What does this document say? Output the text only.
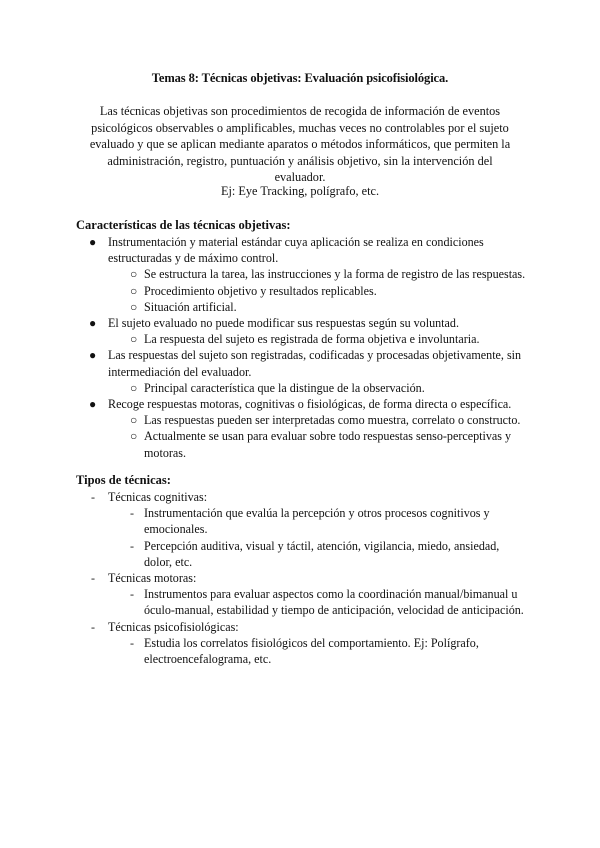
Temas 8: Técnicas objetivas: Evaluación psicofisiológica.
Las técnicas objetivas son procedimientos de recogida de información de eventos
psicológicos observables o amplificables, muchas veces no controlables por el sujeto
evaluado y que se aplican mediante aparatos o métodos informáticos, que permiten la
administración, registro, puntuación y análisis objetivo, sin la intervención del evaluador.
Ej: Eye Tracking, polígrafo, etc.
Características de las técnicas objetivas:
Tipos de técnicas:
● Instrumentación y material estándar cuya aplicación se realiza en condiciones
estructuradas y de máximo control.
○ Se estructura la tarea, las instrucciones y la forma de registro de las respuestas.
○ Procedimiento objetivo y resultados replicables.
○ Situación artificial.
● El sujeto evaluado no puede modificar sus respuestas según su voluntad.
○ La respuesta del sujeto es registrada de forma objetiva e involuntaria.
● Las respuestas del sujeto son registradas, codificadas y procesadas objetivamente, sin
intermediación del evaluador.
○ Principal característica que la distingue de la observación.
● Recoge respuestas motoras, cognitivas o fisiológicas, de forma directa o específica.
○ Las respuestas pueden ser interpretadas como muestra, correlato o constructo.
○ Actualmente se usan para evaluar sobre todo respuestas senso-perceptivas y
motoras.
- Técnicas cognitivas:
- Instrumentación que evalúa la percepción y otros procesos cognitivos y
emocionales.
- Percepción auditiva, visual y táctil, atención, vigilancia, miedo, ansiedad,
dolor, etc.
- Técnicas motoras:
- Instrumentos para evaluar aspectos como la coordinación manual/bimanual u
óculo-manual, estabilidad y tiempo de anticipación, velocidad de anticipación.
- Técnicas psicofisiológicas:
- Estudia los correlatos fisiológicos del comportamiento. Ej: Polígrafo,
electroencefalograma, etc.
